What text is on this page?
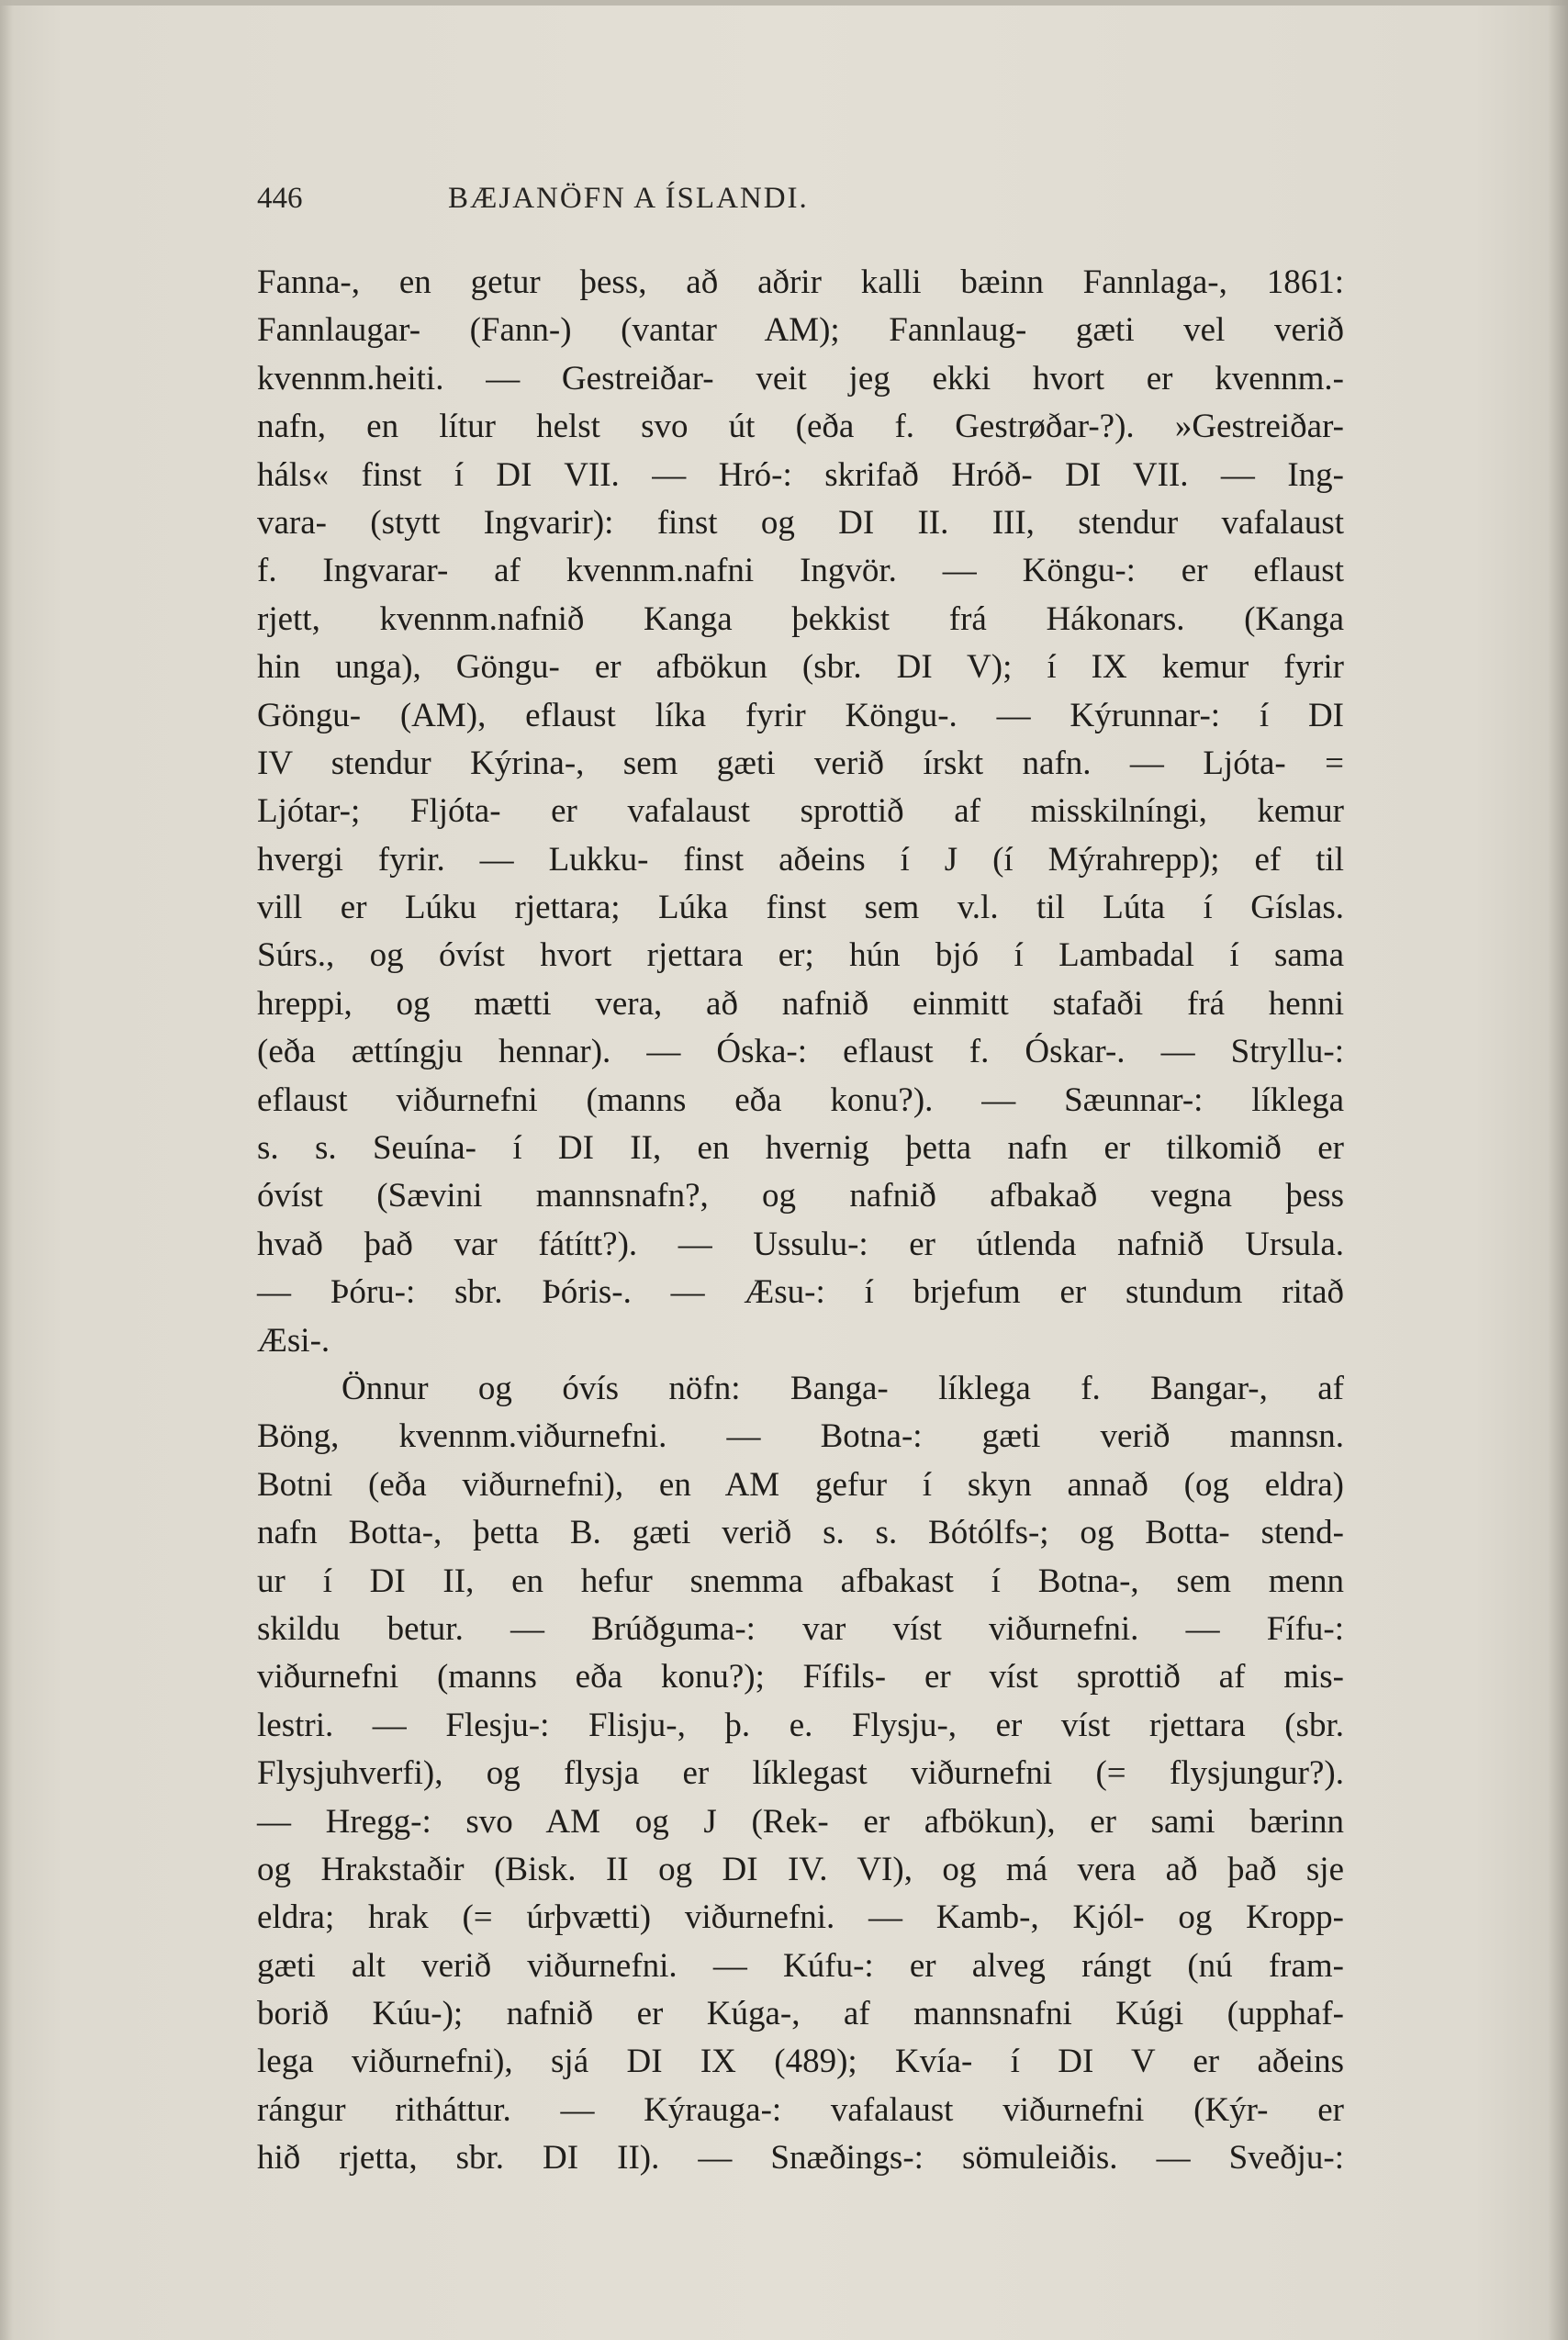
446	BÆJANÖFN A ÍSLANDI.
Fanna-, en getur þess, að aðrir kalli bæinn Fannlaga-, 1861:
Fannlaugar- (Fann-) (vantar AM); Fannlaug- gæti vel verið
kvennm.heiti. — Gestreiðar- veit jeg ekki hvort er kvennm.-
nafn, en lítur helst svo út (eða f. Gestrøðar-?). »Gestreiðar-
háls« finst í DI VII. — Hró-: skrifað Hróð- DI VII. — Ing-
vara- (stytt Ingvarir): finst og DI II. III, stendur vafalaust
f. Ingvarar- af kvennm.nafni Ingvör. — Köngu-: er eflaust
rjett, kvennm.nafnið Kanga þekkist frá Hákonars. (Kanga
hin unga), Göngu- er afbökun (sbr. DI V); í IX kemur fyrir
Göngu- (AM), eflaust líka fyrir Köngu-. — Kýrunnar-: í DI
IV stendur Kýrina-, sem gæti verið írskt nafn. — Ljóta- =
Ljótar-; Fljóta- er vafalaust sprottið af misskilníngi, kemur
hvergi fyrir. — Lukku- finst aðeins í J (í Mýrahrepp); ef til
vill er Lúku rjettara; Lúka finst sem v.l. til Lúta í Gíslas.
Súrs., og óvíst hvort rjettara er; hún bjó í Lambadal í sama
hreppi, og mætti vera, að nafnið einmitt stafaði frá henni
(eða ættíngju hennar). — Óska-: eflaust f. Óskar-. — Stryllu-:
eflaust viðurnefni (manns eða konu?). — Sæunnar-: líklega
s. s. Seuína- í DI II, en hvernig þetta nafn er tilkomið er
óvíst (Sævini mannsnafn?, og nafnið afbakað vegna þess
hvað það var fátítt?). — Ussulu-: er útlenda nafnið Ursula.
— Þóru-: sbr. Þóris-. — Æsu-: í brjefum er stundum ritað
Æsi-.
Önnur og óvís nöfn: Banga- líklega f. Bangar-, af
Böng, kvennm.viðurnefni. — Botna-: gæti verið mannsn.
Botni (eða viðurnefni), en AM gefur í skyn annað (og eldra)
nafn Botta-, þetta B. gæti verið s. s. Bótólfs-; og Botta- stend-
ur í DI II, en hefur snemma afbakast í Botna-, sem menn
skildu betur. — Brúðguma-: var víst viðurnefni. — Fífu-:
viðurnefni (manns eða konu?); Fífils- er víst sprottið af mis-
lestri. — Flesju-: Flisju-, þ. e. Flysju-, er víst rjettara (sbr.
Flysjuhverfi), og flysja er líklegast viðurnefni (= flysjungur?).
— Hregg-: svo AM og J (Rek- er afbökun), er sami bærinn
og Hrakstaðir (Bisk. II og DI IV. VI), og má vera að það sje
eldra; hrak (= úrþvætti) viðurnefni. — Kamb-, Kjól- og Kropp-
gæti alt verið viðurnefni. — Kúfu-: er alveg rángt (nú fram-
borið Kúu-); nafnið er Kúga-, af mannsnafni Kúgi (upphaf-
lega viðurnefni), sjá DI IX (489); Kvía- í DI V er aðeins
rángur ritháttur. — Kýrauga-: vafalaust viðurnefni (Kýr- er
hið rjetta, sbr. DI II). — Snæðings-: sömuleiðis. — Sveðju-:
